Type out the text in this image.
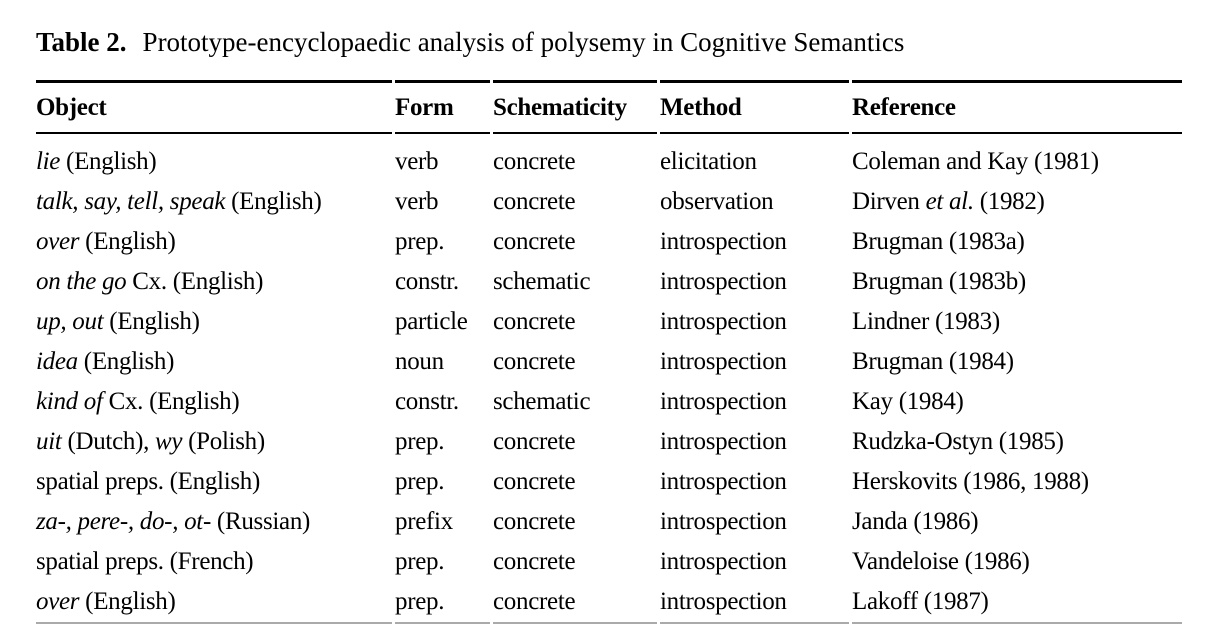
Table 2. Prototype-encyclopaedic analysis of polysemy in Cognitive Semantics
Object	Form	Schematicity	Method	Reference
lie (English)	verb	concrete	elicitation	Coleman and Kay (1981)
talk, say, tell, speak (English)	verb	concrete	observation	Dirven et al. (1982)
over (English)	prep.	concrete	introspection	Brugman (1983a)
on the go Cx. (English)	constr.	schematic	introspection	Brugman (1983b)
up, out (English)	particle	concrete	introspection	Lindner (1983)
idea (English)	noun	concrete	introspection	Brugman (1984)
kind of Cx. (English)	constr.	schematic	introspection	Kay (1984)
uit (Dutch), wy (Polish)	prep.	concrete	introspection	Rudzka-Ostyn (1985)
spatial preps. (English)	prep.	concrete	introspection	Herskovits (1986, 1988)
za-, pere-, do-, ot- (Russian)	prefix	concrete	introspection	Janda (1986)
spatial preps. (French)	prep.	concrete	introspection	Vandeloise (1986)
over (English)	prep.	concrete	introspection	Lakoff (1987)
